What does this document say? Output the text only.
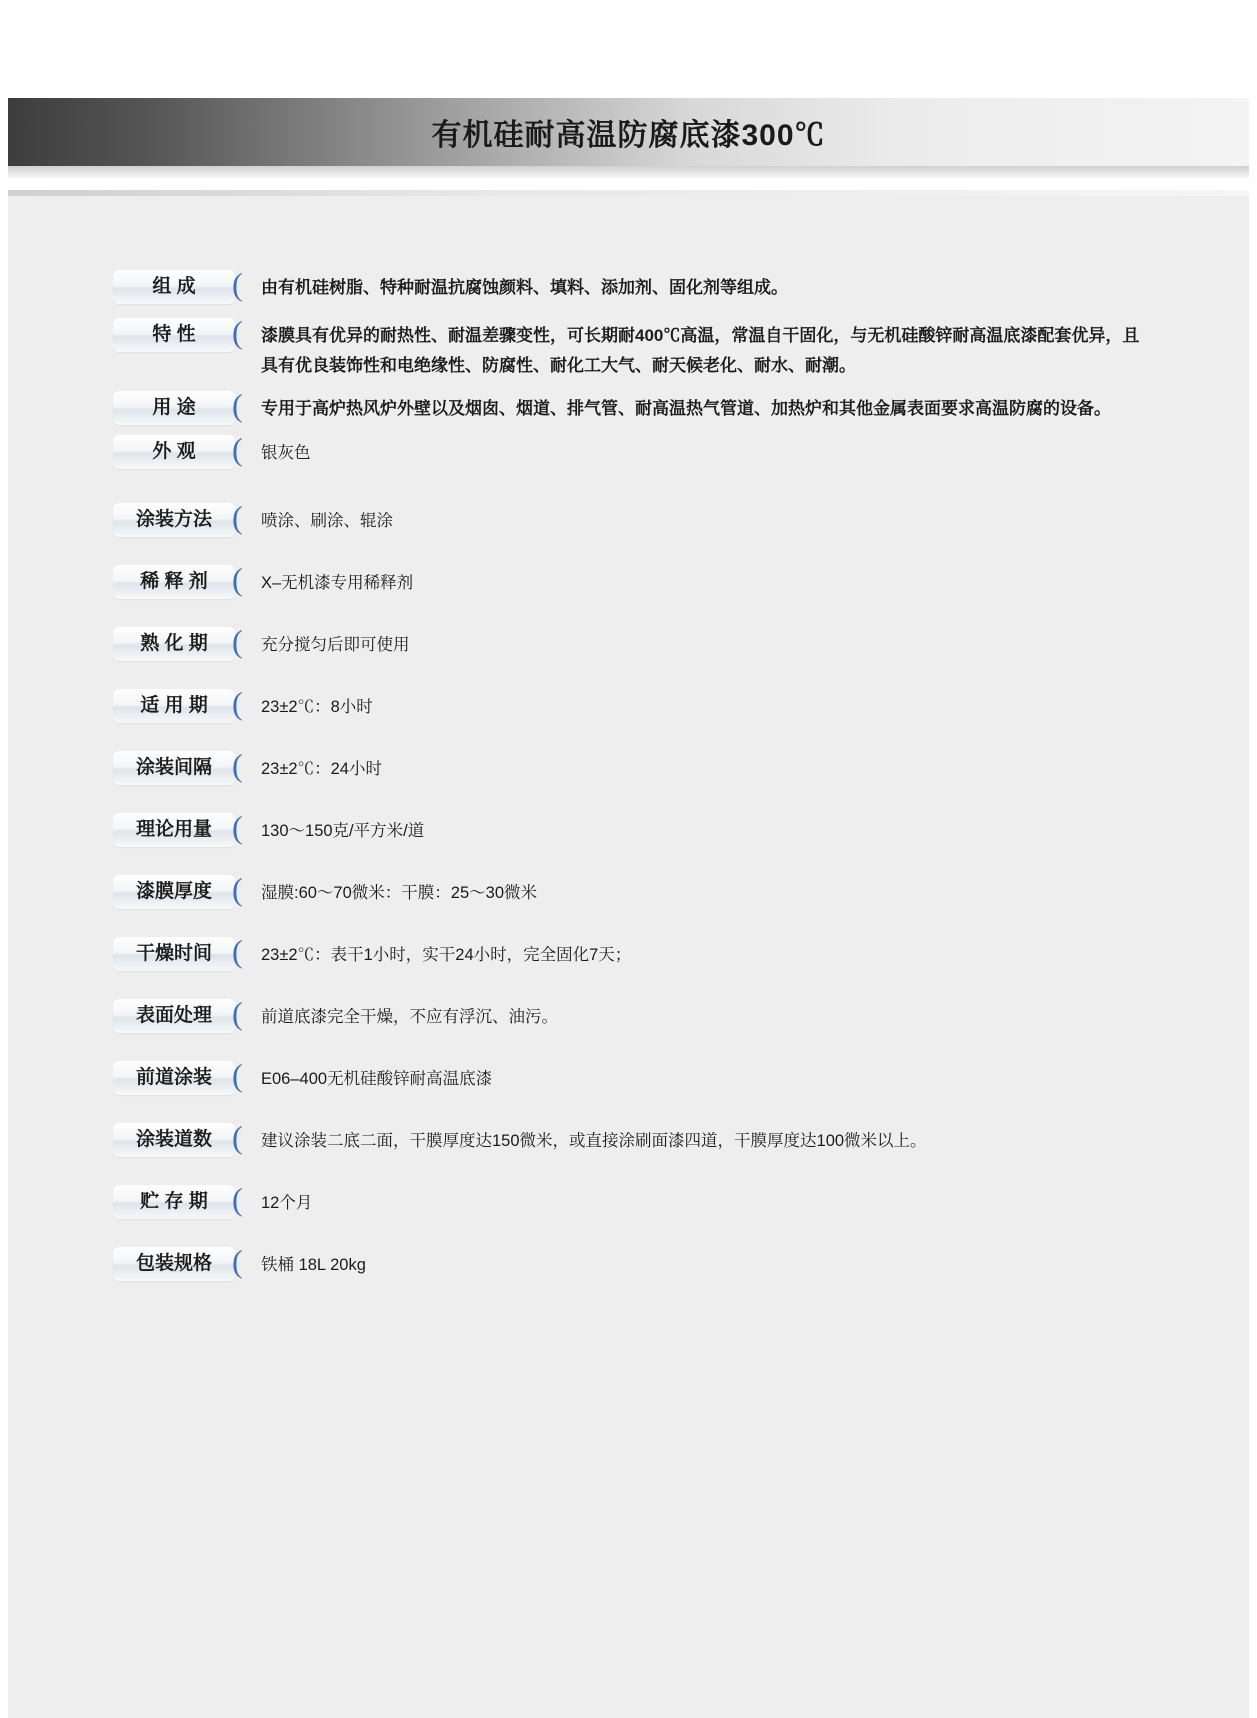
有机硅耐高温防腐底漆300℃
组 成	(	由有机硅树脂、特种耐温抗腐蚀颜料、填料、添加剂、固化剂等组成。
特 性	(	漆膜具有优异的耐热性、耐温差骤变性，可长期耐400℃高温，常温自干固化，与无机硅酸锌耐高温底漆配套优异，且具有优良装饰性和电绝缘性、防腐性、耐化工大气、耐天候老化、耐水、耐潮。
用 途	(	专用于高炉热风炉外壁以及烟囱、烟道、排气管、耐高温热气管道、加热炉和其他金属表面要求高温防腐的设备。
外 观	(	银灰色
涂装方法 (	喷涂、刷涂、辊涂
稀 释 剂 (	X–无机漆专用稀释剂
熟 化 期 (	充分搅匀后即可使用
适 用 期 (	23±2℃：8小时
涂装间隔 (	23±2℃：24小时
理论用量 (	130～150克/平方米/道
漆膜厚度 (	湿膜:60～70微米：干膜：25～30微米
干燥时间 (	23±2℃：表干1小时，实干24小时，完全固化7天；
表面处理 (	前道底漆完全干燥，不应有浮沉、油污。
前道涂装 (	E06–400无机硅酸锌耐高温底漆
涂装道数 (	建议涂装二底二面，干膜厚度达150微米，或直接涂刷面漆四道，干膜厚度达100微米以上。
贮 存 期 (	12个月
包装规格 (	铁桶 18L 20kg
